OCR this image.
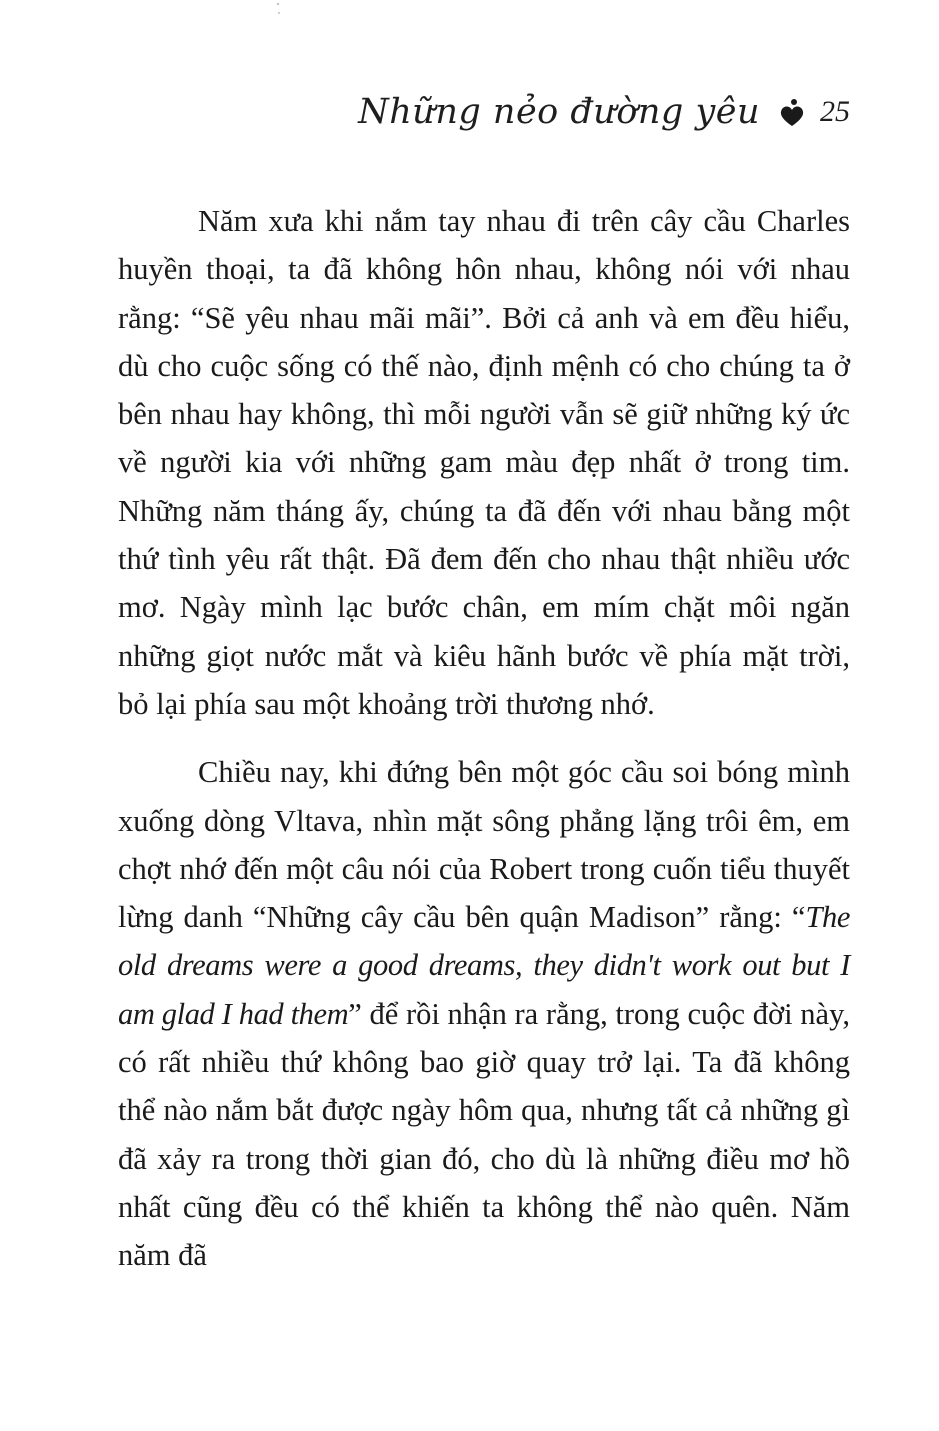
Những nẻo đường yêu 25

Năm xưa khi nắm tay nhau đi trên cây cầu Charles huyền thoại, ta đã không hôn nhau, không nói với nhau rằng: “Sẽ yêu nhau mãi mãi”. Bởi cả anh và em đều hiểu, dù cho cuộc sống có thế nào, định mệnh có cho chúng ta ở bên nhau hay không, thì mỗi người vẫn sẽ giữ những ký ức về người kia với những gam màu đẹp nhất ở trong tim. Những năm tháng ấy, chúng ta đã đến với nhau bằng một thứ tình yêu rất thật. Đã đem đến cho nhau thật nhiều ước mơ. Ngày mình lạc bước chân, em mím chặt môi ngăn những giọt nước mắt và kiêu hãnh bước về phía mặt trời, bỏ lại phía sau một khoảng trời thương nhớ.

Chiều nay, khi đứng bên một góc cầu soi bóng mình xuống dòng Vltava, nhìn mặt sông phẳng lặng trôi êm, em chợt nhớ đến một câu nói của Robert trong cuốn tiểu thuyết lừng danh “Những cây cầu bên quận Madison” rằng: “The old dreams were a good dreams, they didn't work out but I am glad I had them” để rồi nhận ra rằng, trong cuộc đời này, có rất nhiều thứ không bao giờ quay trở lại. Ta đã không thể nào nắm bắt được ngày hôm qua, nhưng tất cả những gì đã xảy ra trong thời gian đó, cho dù là những điều mơ hồ nhất cũng đều có thể khiến ta không thể nào quên. Năm năm đã
